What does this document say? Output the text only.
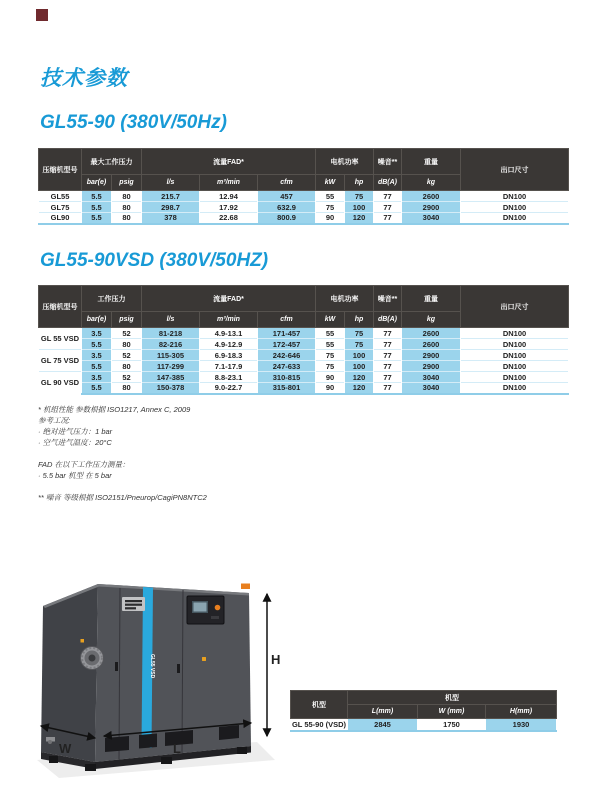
技术参数
GL55-90 (380V/50Hz)
压缩机型号	最大工作压力		流量FAD*			电机功率		噪音**	重量	出口尺寸
	bar(e)	psig	l/s	m³/min	cfm	kW	hp	dB(A)	kg	
GL55	5.5	80	215.7	12.94	457	55	75	77	2600	DN100
GL75	5.5	80	298.7	17.92	632.9	75	100	77	2900	DN100
GL90	5.5	80	378	22.68	800.9	90	120	77	3040	DN100
GL55-90VSD (380V/50HZ)
压缩机型号	工作压力		流量FAD*			电机功率		噪音**	重量	出口尺寸
	bar(e)	psig	l/s	m³/min	cfm	kW	hp	dB(A)	kg	
GL 55 VSD	3.5	52	81-218	4.9-13.1	171-457	55	75	77	2600	DN100
	5.5	80	82-216	4.9-12.9	172-457	55	75	77	2600	DN100
GL 75 VSD	3.5	52	115-305	6.9-18.3	242-646	75	100	77	2900	DN100
	5.5	80	117-299	7.1-17.9	247-633	75	100	77	2900	DN100
GL 90 VSD	3.5	52	147-385	8.8-23.1	310-815	90	120	77	3040	DN100
	5.5	80	150-378	9.0-22.7	315-801	90	120	77	3040	DN100
* 机组性能 参数根据 ISO1217, Annex C, 2009
参考工况:
· 绝对进气压力：1 bar
· 空气进气温度：20°C
FAD 在以下工作压力测量：
· 5.5 bar 机型 在 5 bar
** 噪音 等级根据 ISO2151/Pneurop/CagiPN8NTC2
GL55 VSD	H
W	L
机型	机型		
	L(mm)	W (mm)	H(mm)
GL 55-90 (VSD)	2845	1750	1930
